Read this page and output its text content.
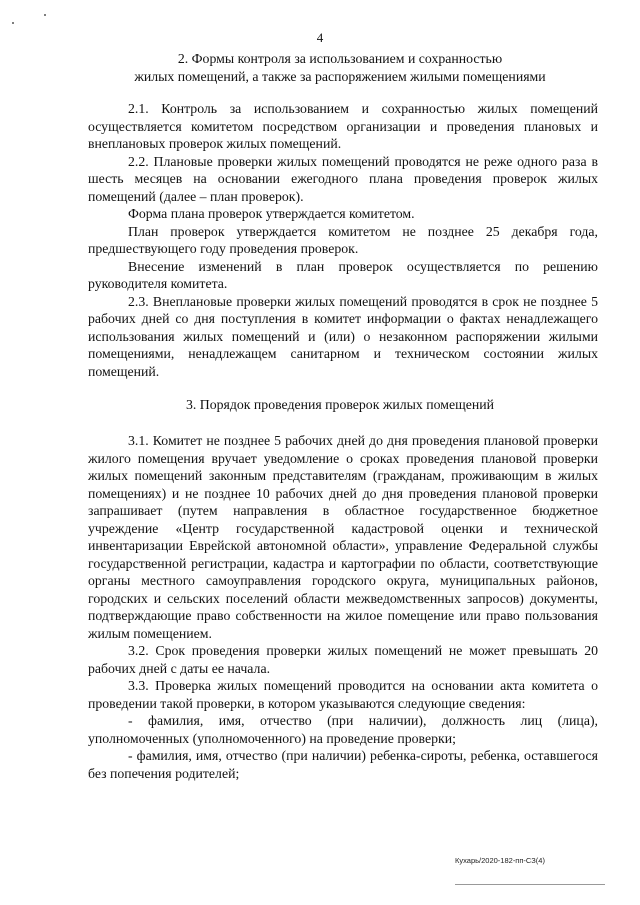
4

2. Формы контроля за использованием и сохранностью

жилых помещений, а также за распоряжением жилыми помещениями

2.1. Контроль за использованием и сохранностью жилых помещений осуществляется комитетом посредством организации и проведения плановых и внеплановых проверок жилых помещений.

2.2. Плановые проверки жилых помещений проводятся не реже одного раза в шесть месяцев на основании ежегодного плана проведения проверок жилых помещений (далее – план проверок).

Форма плана проверок утверждается комитетом.

План проверок утверждается комитетом не позднее 25 декабря года, предшествующего году проведения проверок.

Внесение изменений в план проверок осуществляется по решению руководителя комитета.

2.3. Внеплановые проверки жилых помещений проводятся в срок не позднее 5 рабочих дней со дня поступления в комитет информации о фактах ненадлежащего использования жилых помещений и (или) о незаконном распоряжении жилыми помещениями, ненадлежащем санитарном и техническом состоянии жилых помещений.

3. Порядок проведения проверок жилых помещений

3.1. Комитет не позднее 5 рабочих дней до дня проведения плановой проверки жилого помещения вручает уведомление о сроках проведения плановой проверки жилых помещений законным представителям (гражданам, проживающим в жилых помещениях) и не позднее 10 рабочих дней до дня проведения плановой проверки запрашивает (путем направления в областное государственное бюджетное учреждение «Центр государственной кадастровой оценки и технической инвентаризации Еврейской автономной области», управление Федеральной службы государственной регистрации, кадастра и картографии по области, соответствующие органы местного самоуправления городского округа, муниципальных районов, городских и сельских поселений области межведомственных запросов) документы, подтверждающие право собственности на жилое помещение или право пользования жилым помещением.

3.2. Срок проведения проверки жилых помещений не может превышать 20 рабочих дней с даты ее начала.

3.3. Проверка жилых помещений проводится на основании акта комитета о проведении такой проверки, в котором указываются следующие сведения:

- фамилия, имя, отчество (при наличии), должность лиц (лица), уполномоченных (уполномоченного) на проведение проверки;

- фамилия, имя, отчество (при наличии) ребенка-сироты, ребенка, оставшегося без попечения родителей;

Кухарь/2020-182-пп-СЗ(4)
